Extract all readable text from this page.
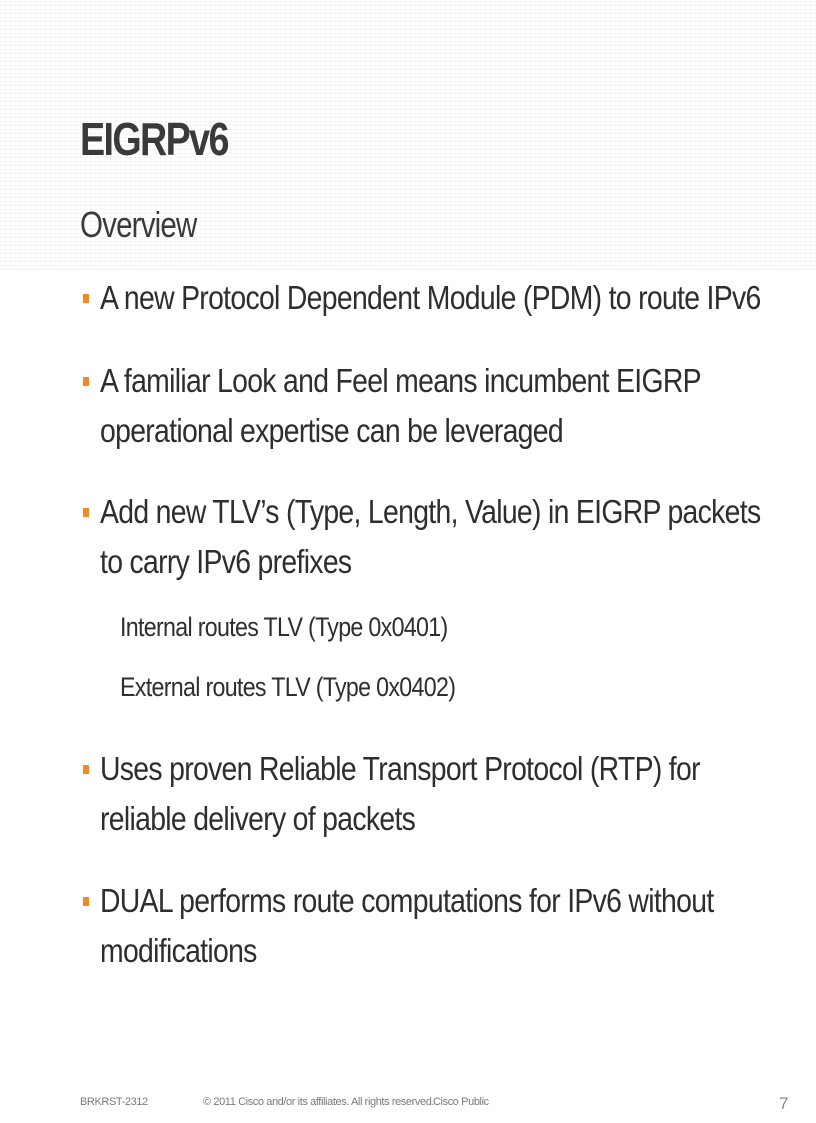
EIGRPv6
Overview
A new Protocol Dependent Module (PDM) to route IPv6
A familiar Look and Feel means incumbent EIGRP
operational expertise can be leveraged
Add new TLV’s (Type, Length, Value) in EIGRP packets
to carry IPv6 prefixes
Internal routes TLV (Type 0x0401)
External routes TLV (Type 0x0402)
Uses proven Reliable Transport Protocol (RTP) for
reliable delivery of packets
DUAL performs route computations for IPv6 without
modifications
BRKRST-2312	© 2011 Cisco and/or its affiliates. All rights reserved.
Cisco Public	7
